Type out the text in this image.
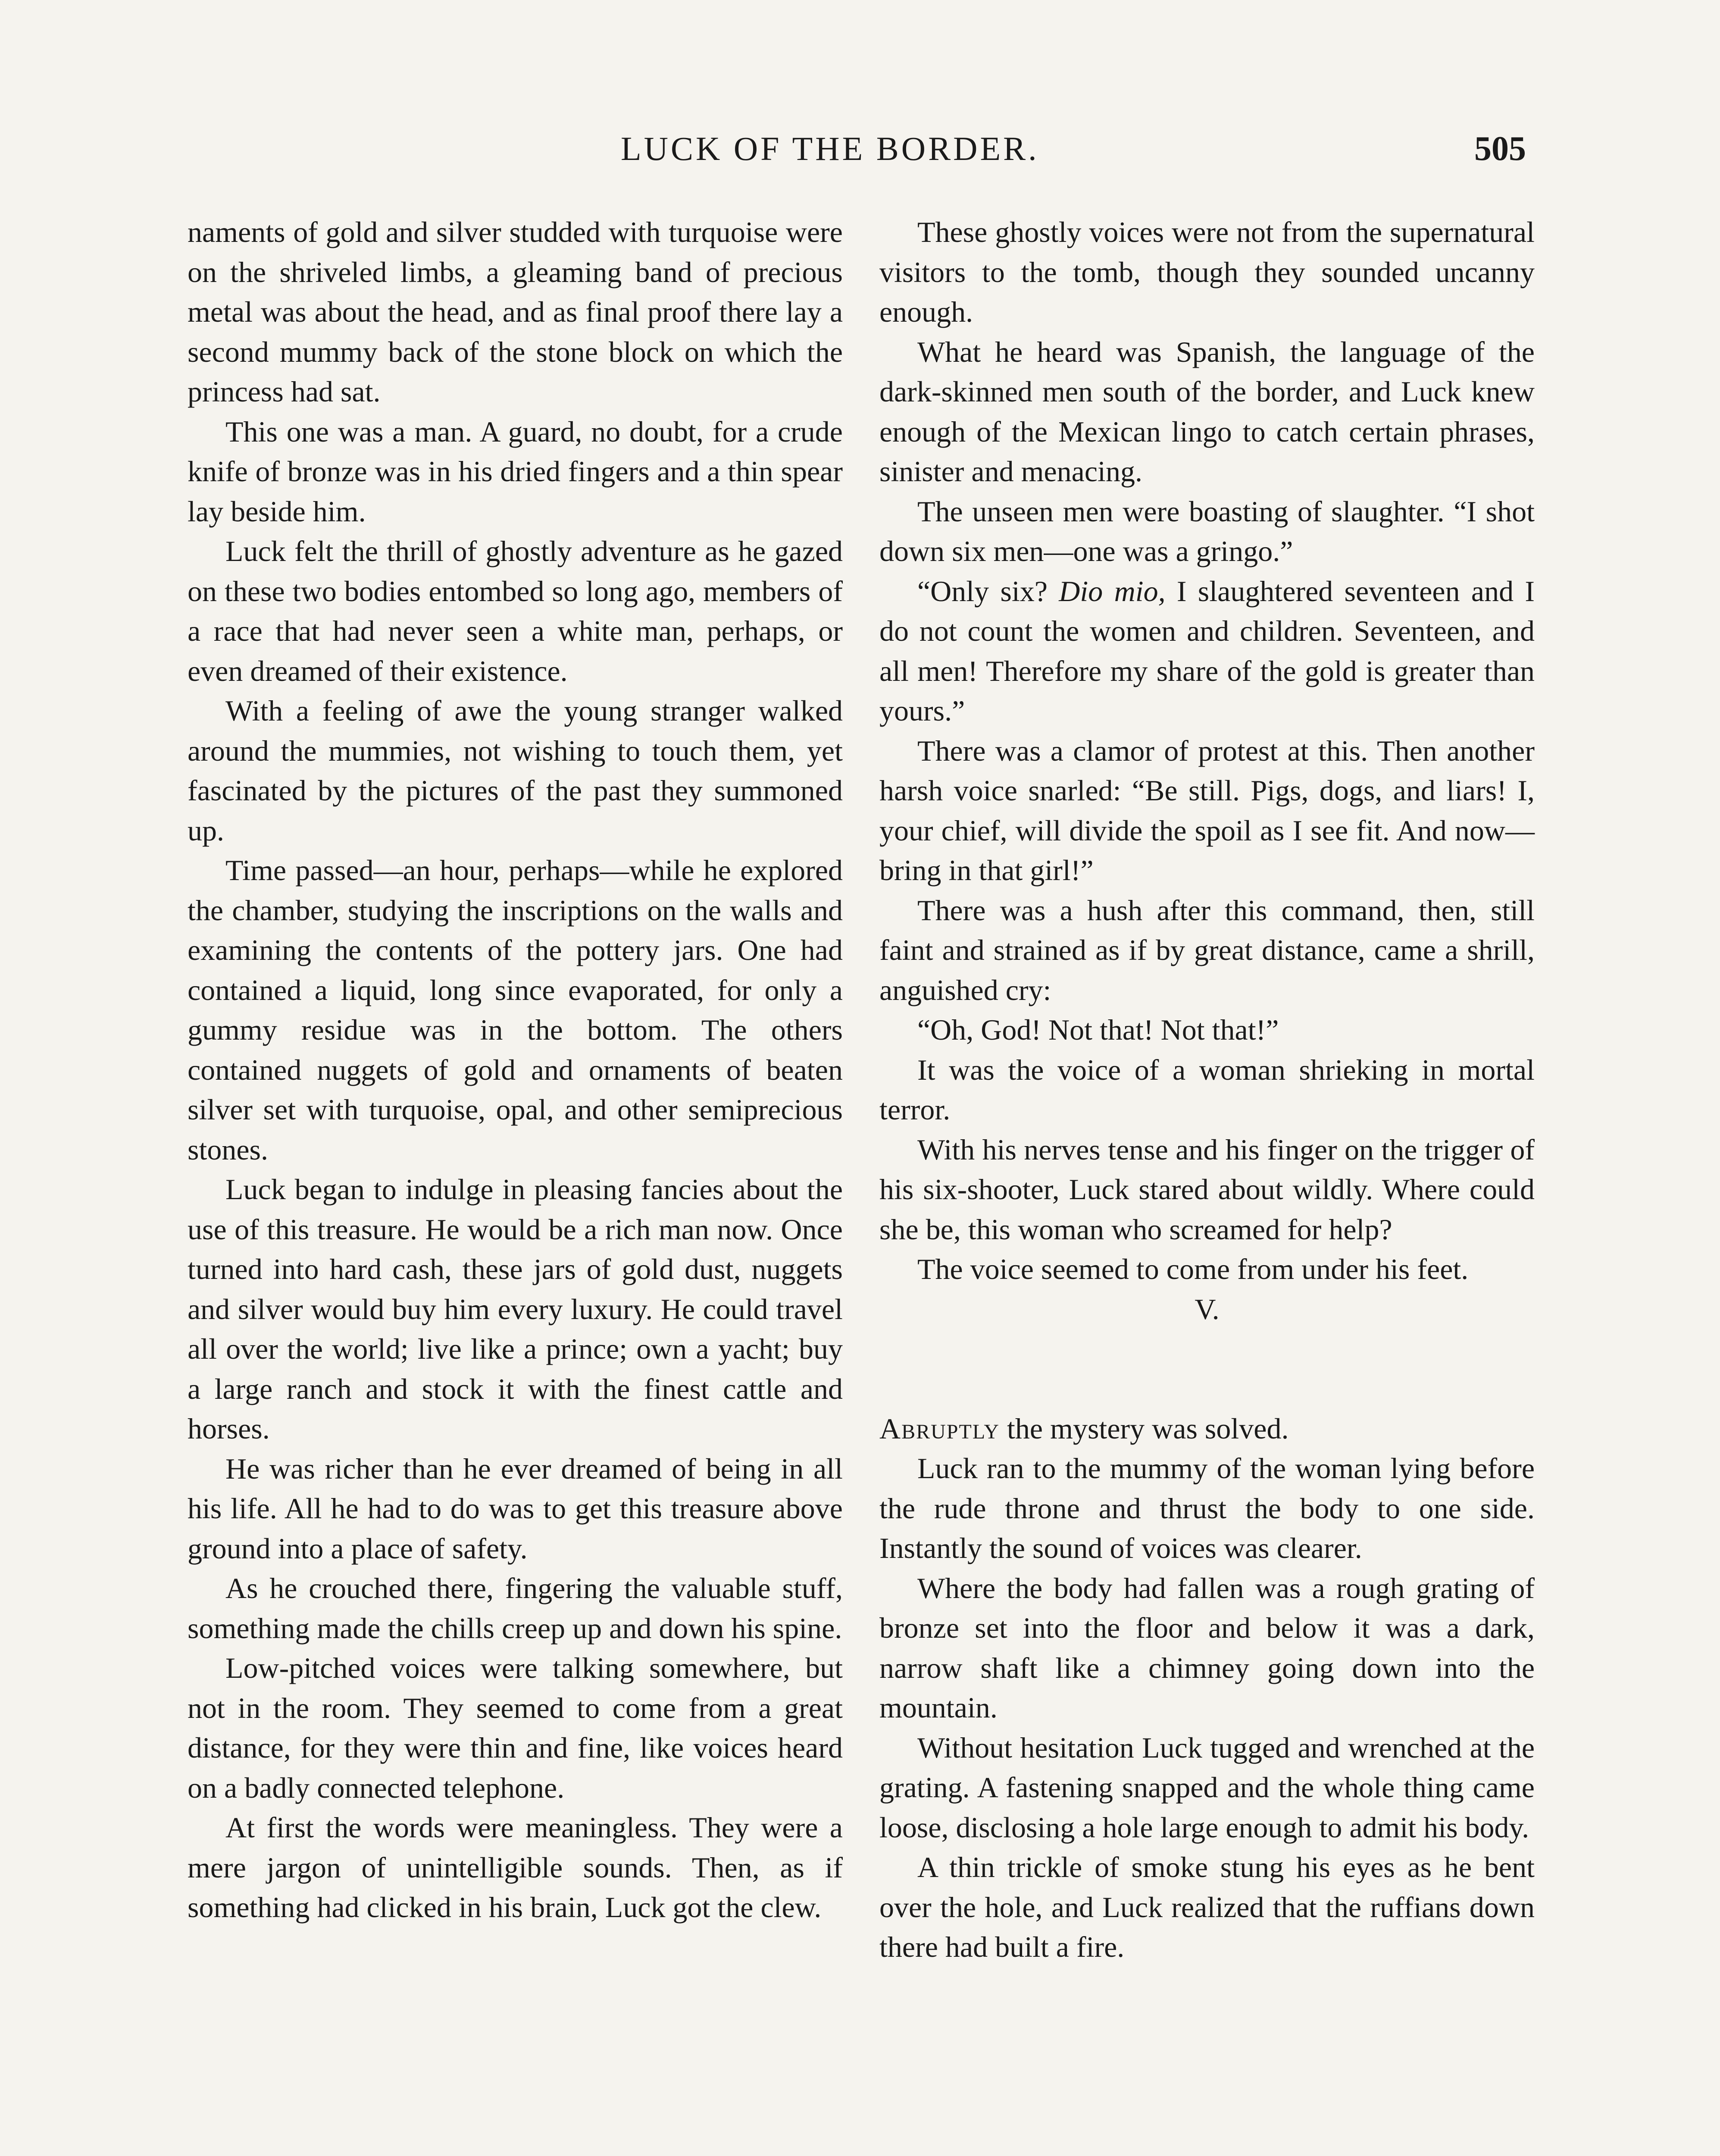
LUCK OF THE BORDER.	505

naments of gold and silver studded with turquoise were on the shriveled limbs, a gleaming band of precious metal was about the head, and as final proof there lay a second mummy back of the stone block on which the princess had sat.

This one was a man. A guard, no doubt, for a crude knife of bronze was in his dried fingers and a thin spear lay beside him.

Luck felt the thrill of ghostly adventure as he gazed on these two bodies entombed so long ago, members of a race that had never seen a white man, perhaps, or even dreamed of their existence.

With a feeling of awe the young stranger walked around the mummies, not wishing to touch them, yet fascinated by the pictures of the past they summoned up.

Time passed—an hour, perhaps—while he explored the chamber, studying the inscriptions on the walls and examining the contents of the pottery jars. One had contained a liquid, long since evaporated, for only a gummy residue was in the bottom. The others contained nuggets of gold and ornaments of beaten silver set with turquoise, opal, and other semiprecious stones.

Luck began to indulge in pleasing fancies about the use of this treasure. He would be a rich man now. Once turned into hard cash, these jars of gold dust, nuggets and silver would buy him every luxury. He could travel all over the world; live like a prince; own a yacht; buy a large ranch and stock it with the finest cattle and horses.

He was richer than he ever dreamed of being in all his life. All he had to do was to get this treasure above ground into a place of safety.

As he crouched there, fingering the valuable stuff, something made the chills creep up and down his spine.

Low-pitched voices were talking somewhere, but not in the room. They seemed to come from a great distance, for they were thin and fine, like voices heard on a badly connected telephone.

At first the words were meaningless. They were a mere jargon of unintelligible sounds. Then, as if something had clicked in his brain, Luck got the clew.

These ghostly voices were not from the supernatural visitors to the tomb, though they sounded uncanny enough.

What he heard was Spanish, the language of the dark-skinned men south of the border, and Luck knew enough of the Mexican lingo to catch certain phrases, sinister and menacing.

The unseen men were boasting of slaughter. “I shot down six men—one was a gringo.”

“Only six? Dio mio, I slaughtered seventeen and I do not count the women and children. Seventeen, and all men! Therefore my share of the gold is greater than yours.”

There was a clamor of protest at this. Then another harsh voice snarled: “Be still. Pigs, dogs, and liars! I, your chief, will divide the spoil as I see fit. And now—bring in that girl!”

There was a hush after this command, then, still faint and strained as if by great distance, came a shrill, anguished cry:

“Oh, God! Not that! Not that!”

It was the voice of a woman shrieking in mortal terror.

With his nerves tense and his finger on the trigger of his six-shooter, Luck stared about wildly. Where could she be, this woman who screamed for help?

The voice seemed to come from under his feet.

V.

Abruptly the mystery was solved.

Luck ran to the mummy of the woman lying before the rude throne and thrust the body to one side. Instantly the sound of voices was clearer.

Where the body had fallen was a rough grating of bronze set into the floor and below it was a dark, narrow shaft like a chimney going down into the mountain.

Without hesitation Luck tugged and wrenched at the grating. A fastening snapped and the whole thing came loose, disclosing a hole large enough to admit his body.

A thin trickle of smoke stung his eyes as he bent over the hole, and Luck realized that the ruffians down there had built a fire.
